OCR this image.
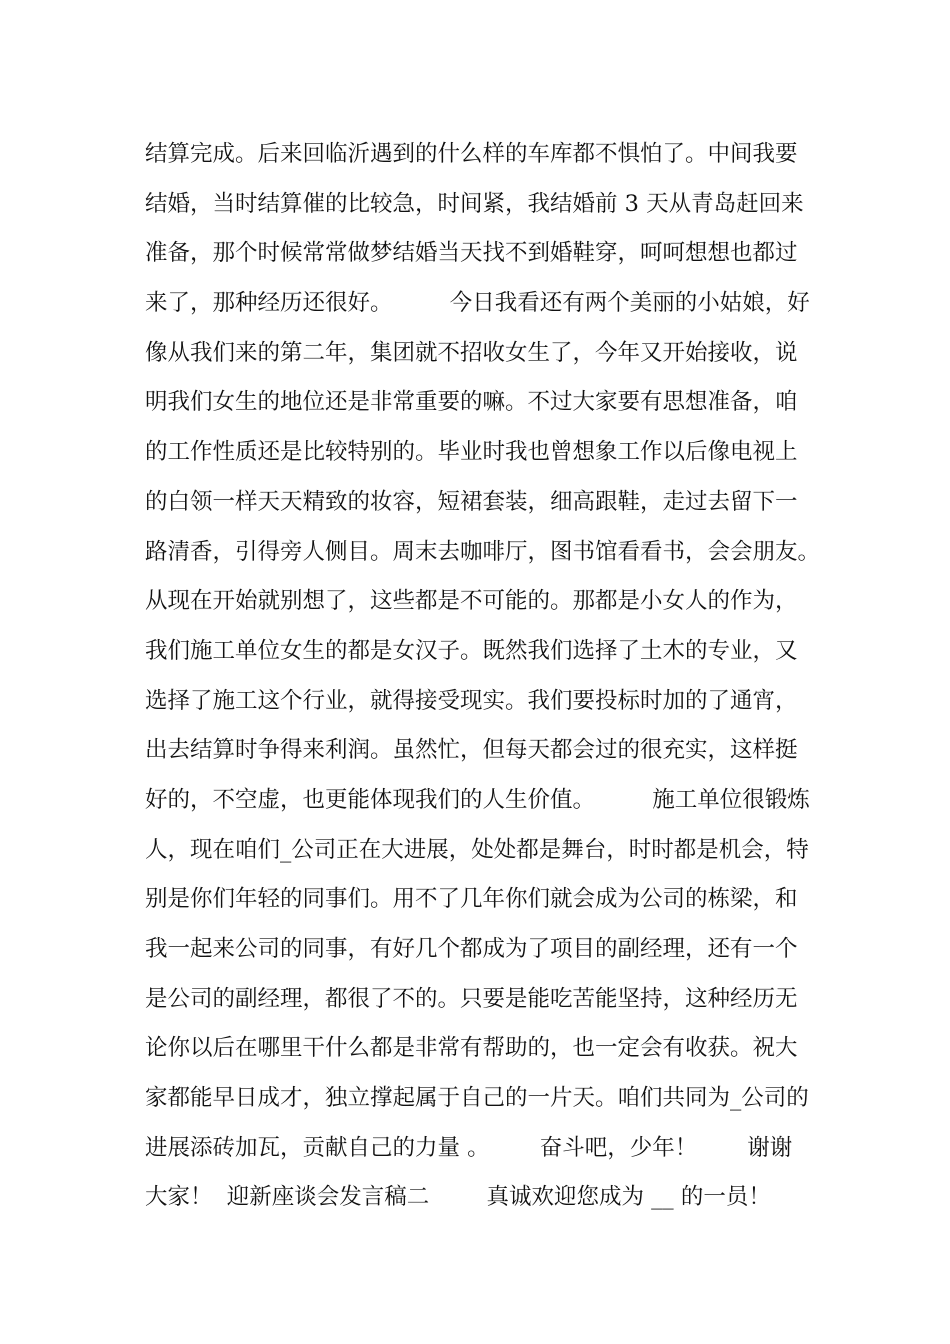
结算完成。后来回临沂遇到的什么样的车库都不惧怕了。中间我要
结婚，当时结算催的比较急，时间紧，我结婚前 3 天从青岛赶回来
准备，那个时候常常做梦结婚当天找不到婚鞋穿，呵呵想想也都过
来了，那种经历还很好。        今日我看还有两个美丽的小姑娘，好
像从我们来的第二年，集团就不招收女生了，今年又开始接收，说
明我们女生的地位还是非常重要的嘛。不过大家要有思想准备，咱
的工作性质还是比较特别的。毕业时我也曾想象工作以后像电视上
的白领一样天天精致的妆容，短裙套装，细高跟鞋，走过去留下一
路清香，引得旁人侧目。周末去咖啡厅，图书馆看看书，会会朋友。
从现在开始就别想了，这些都是不可能的。那都是小女人的作为，
我们施工单位女生的都是女汉子。既然我们选择了土木的专业，又
选择了施工这个行业，就得接受现实。我们要投标时加的了通宵，
出去结算时争得来利润。虽然忙，但每天都会过的很充实，这样挺
好的，不空虚，也更能体现我们的人生价值。        施工单位很锻炼
人，现在咱们_公司正在大进展，处处都是舞台，时时都是机会，特
别是你们年轻的同事们。用不了几年你们就会成为公司的栋梁，和
我一起来公司的同事，有好几个都成为了项目的副经理，还有一个
是公司的副经理，都很了不的。只要是能吃苦能坚持，这种经历无
论你以后在哪里干什么都是非常有帮助的，也一定会有收获。祝大
家都能早日成才，独立撑起属于自己的一片天。咱们共同为_公司的
进展添砖加瓦，贡献自己的力量 。       奋斗吧，少年！       谢谢
大家！  迎新座谈会发言稿二        真诚欢迎您成为 __ 的一员！
